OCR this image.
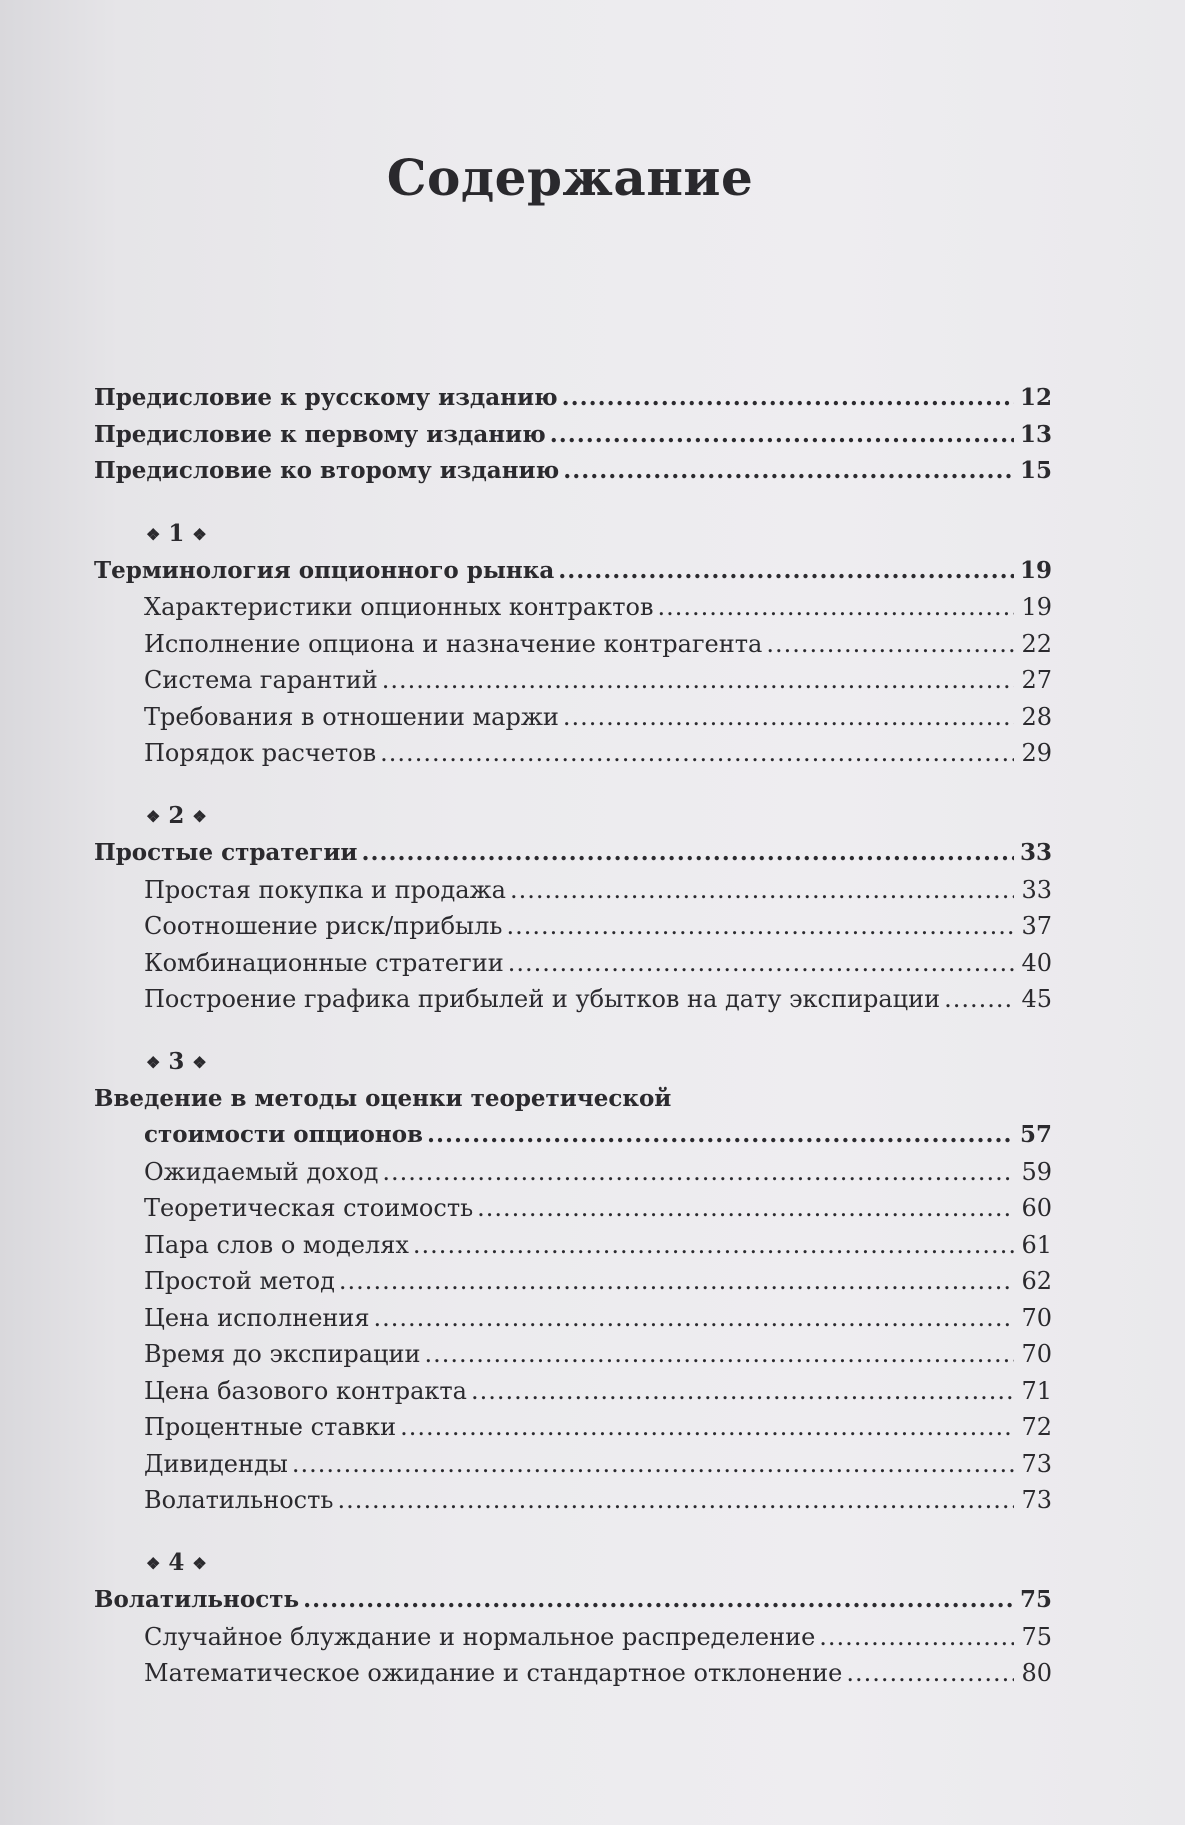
Содержание
Предисловие к русскому изданию .....	12
Предисловие к первому изданию .....	13
Предисловие ко второму изданию .....	15
❖ 1 ❖
Терминология опционного рынка .....	19
Характеристики опционных контрактов .....	19
Исполнение опциона и назначение контрагента .....	22
Система гарантий .....	27
Требования в отношении маржи .....	28
Порядок расчетов .....	29
❖ 2 ❖
Простые стратегии .....	33
Простая покупка и продажа .....	33
Соотношение риск/прибыль .....	37
Комбинационные стратегии .....	40
Построение графика прибылей и убытков на дату экспирации .....	45
❖ 3 ❖
Введение в методы оценки теоретической
стоимости опционов .....	57
Ожидаемый доход .....	59
Теоретическая стоимость .....	60
Пара слов о моделях .....	61
Простой метод .....	62
Цена исполнения .....	70
Время до экспирации .....	70
Цена базового контракта .....	71
Процентные ставки .....	72
Дивиденды .....	73
Волатильность .....	73
❖ 4 ❖
Волатильность .....	75
Случайное блуждание и нормальное распределение .....	75
Математическое ожидание и стандартное отклонение .....	80
